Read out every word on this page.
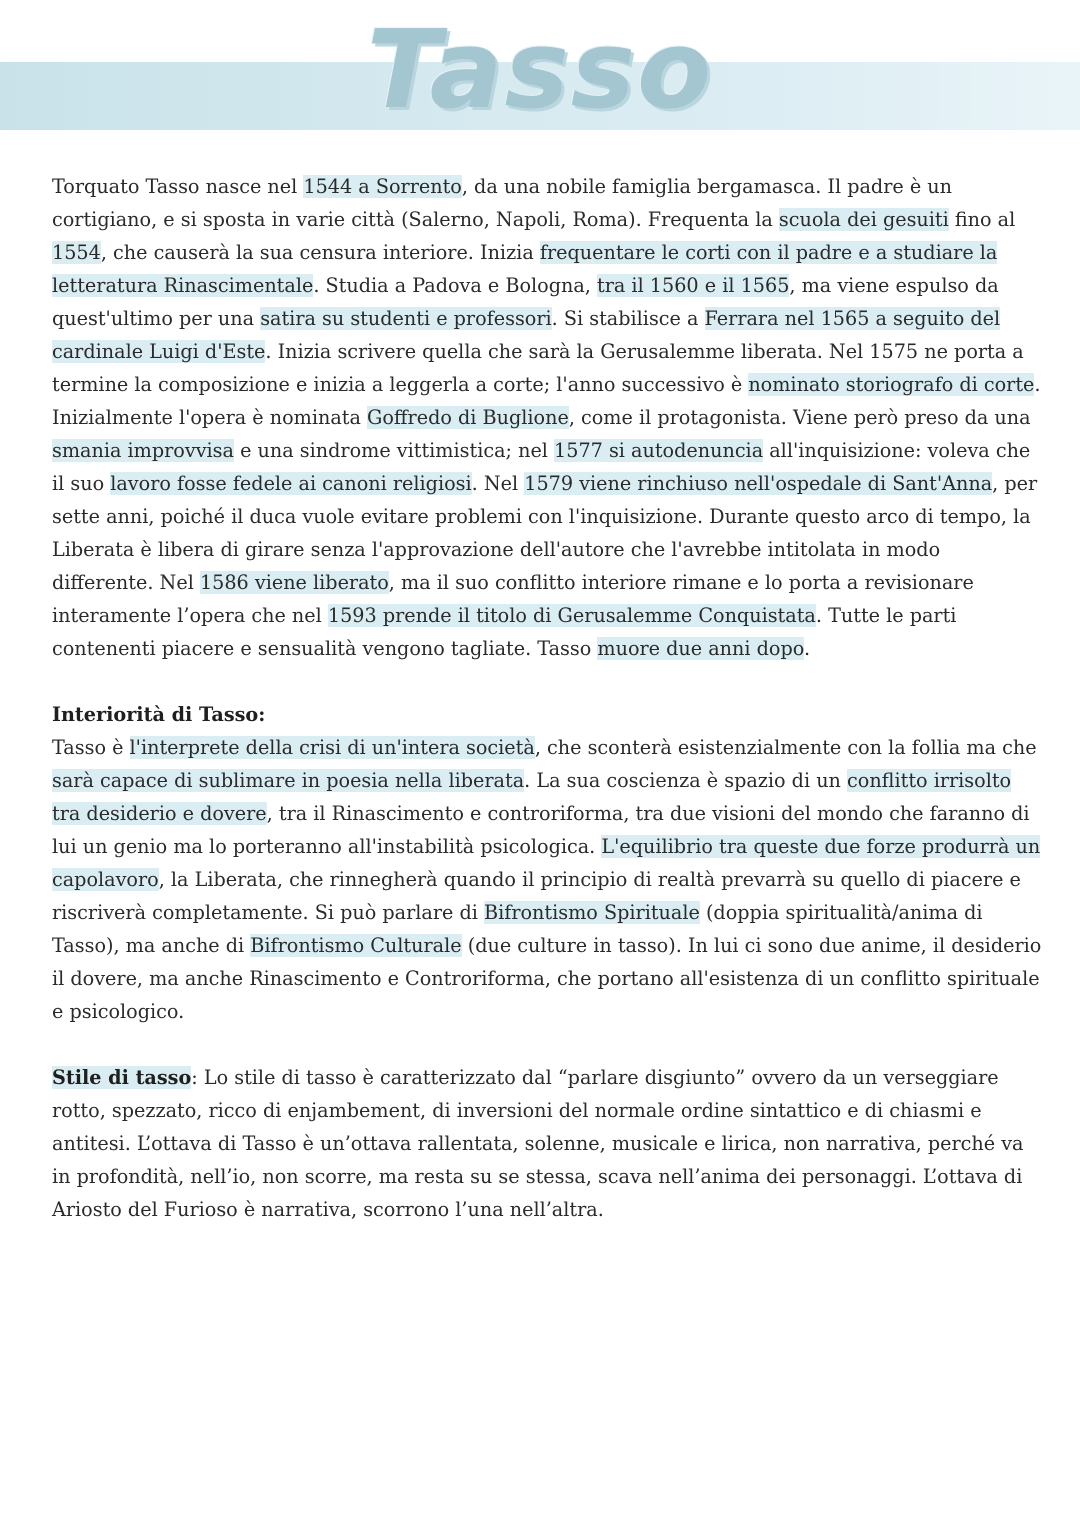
Tasso

Torquato Tasso nasce nel 1544 a Sorrento, da una nobile famiglia bergamasca. Il padre è un cortigiano, e si sposta in varie città (Salerno, Napoli, Roma). Frequenta la scuola dei gesuiti fino al 1554, che causerà la sua censura interiore. Inizia frequentare le corti con il padre e a studiare la letteratura Rinascimentale. Studia a Padova e Bologna, tra il 1560 e il 1565, ma viene espulso da quest'ultimo per una satira su studenti e professori. Si stabilisce a Ferrara nel 1565 a seguito del cardinale Luigi d'Este. Inizia scrivere quella che sarà la Gerusalemme liberata. Nel 1575 ne porta a termine la composizione e inizia a leggerla a corte; l'anno successivo è nominato storiografo di corte. Inizialmente l'opera è nominata Goffredo di Buglione, come il protagonista. Viene però preso da una smania improvvisa e una sindrome vittimistica; nel 1577 si autodenuncia all'inquisizione: voleva che il suo lavoro fosse fedele ai canoni religiosi. Nel 1579 viene rinchiuso nell'ospedale di Sant'Anna, per sette anni, poiché il duca vuole evitare problemi con l'inquisizione. Durante questo arco di tempo, la Liberata è libera di girare senza l'approvazione dell'autore che l'avrebbe intitolata in modo differente. Nel 1586 viene liberato, ma il suo conflitto interiore rimane e lo porta a revisionare interamente l’opera che nel 1593 prende il titolo di Gerusalemme Conquistata. Tutte le parti contenenti piacere e sensualità vengono tagliate. Tasso muore due anni dopo.

Interiorità di Tasso:

Tasso è l'interprete della crisi di un'intera società, che sconterà esistenzialmente con la follia ma che sarà capace di sublimare in poesia nella liberata. La sua coscienza è spazio di un conflitto irrisolto tra desiderio e dovere, tra il Rinascimento e controriforma, tra due visioni del mondo che faranno di lui un genio ma lo porteranno all'instabilità psicologica. L'equilibrio tra queste due forze produrrà un capolavoro, la Liberata, che rinnegherà quando il principio di realtà prevarrà su quello di piacere e riscriverà completamente. Si può parlare di Bifrontismo Spirituale (doppia spiritualità/anima di Tasso), ma anche di Bifrontismo Culturale (due culture in tasso). In lui ci sono due anime, il desiderio il dovere, ma anche Rinascimento e Controriforma, che portano all'esistenza di un conflitto spirituale e psicologico.

Stile di tasso: Lo stile di tasso è caratterizzato dal “parlare disgiunto” ovvero da un verseggiare rotto, spezzato, ricco di enjambement, di inversioni del normale ordine sintattico e di chiasmi e antitesi. L’ottava di Tasso è un’ottava rallentata, solenne, musicale e lirica, non narrativa, perché va in profondità, nell’io, non scorre, ma resta su se stessa, scava nell’anima dei personaggi. L’ottava di Ariosto del Furioso è narrativa, scorrono l’una nell’altra.
